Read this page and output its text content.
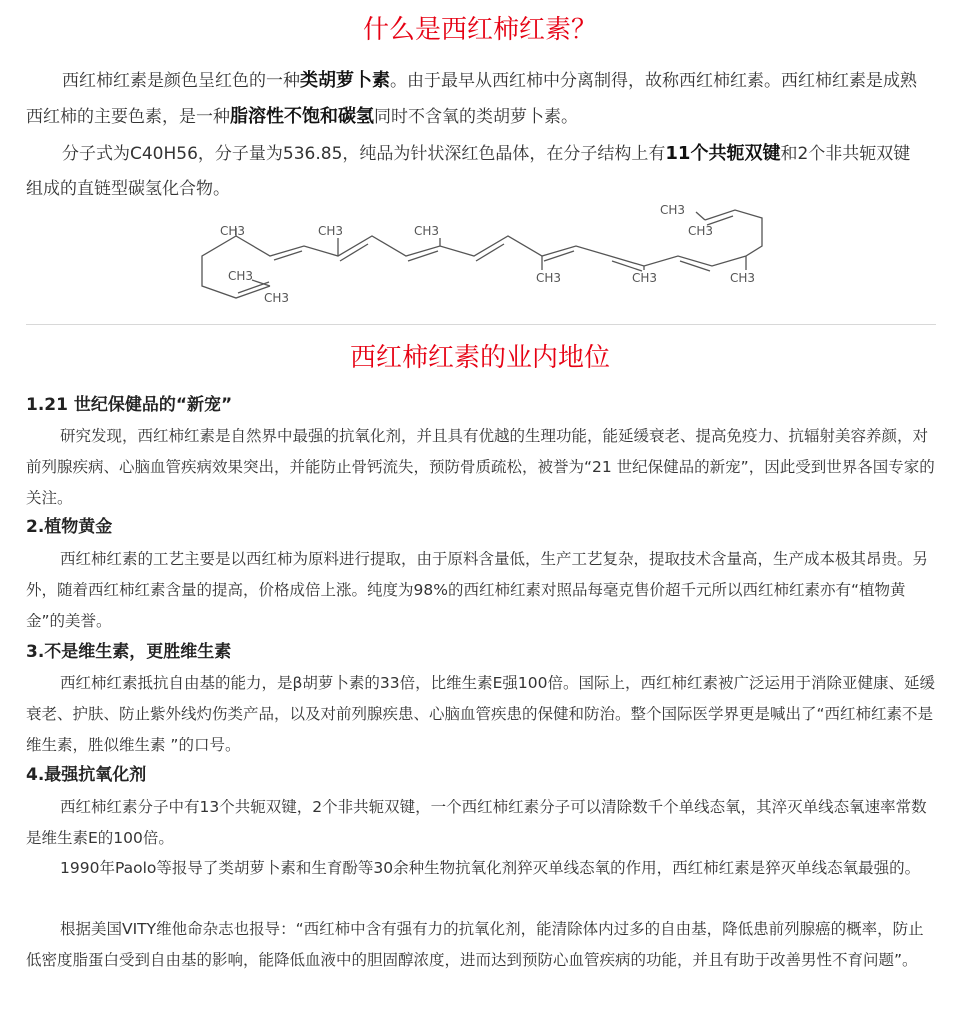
什么是西红柿红素？

西红柿红素是颜色呈红色的一种类胡萝卜素。由于最早从西红柿中分离制得，故称西红柿红素。西红柿红素是成熟西红柿的主要色素，是一种脂溶性不饱和碳氢同时不含氧的类胡萝卜素。

分子式为C40H56，分子量为536.85，纯品为针状深红色晶体，在分子结构上有11个共轭双键和2个非共轭双键组成的直链型碳氢化合物。

CH3
CH3
CH3
CH3	CH3
CH3	CH3	CH3
CH3
CH3
西红柿红素的业内地位
1.21 世纪保健品的“新宠”

研究发现，西红柿红素是自然界中最强的抗氧化剂，并且具有优越的生理功能，能延缓衰老、提高免疫力、抗辐射美容养颜，对前列腺疾病、心脑血管疾病效果突出，并能防止骨钙流失，预防骨质疏松，被誉为“21 世纪保健品的新宠”，因此受到世界各国专家的关注。

2.植物黄金

西红柿红素的工艺主要是以西红柿为原料进行提取，由于原料含量低，生产工艺复杂，提取技术含量高，生产成本极其昂贵。另外，随着西红柿红素含量的提高，价格成倍上涨。纯度为98%的西红柿红素对照品每毫克售价超千元所以西红柿红素亦有“植物黄金”的美誉。

3.不是维生素，更胜维生素

西红柿红素抵抗自由基的能力，是β胡萝卜素的33倍，比维生素E强100倍。国际上，西红柿红素被广泛运用于消除亚健康、延缓衰老、护肤、防止紫外线灼伤类产品，以及对前列腺疾患、心脑血管疾患的保健和防治。整个国际医学界更是喊出了“西红柿红素不是维生素，胜似维生素 ”的口号。

4.最强抗氧化剂

西红柿红素分子中有13个共轭双键，2个非共轭双键，一个西红柿红素分子可以清除数千个单线态氧，其淬灭单线态氧速率常数是维生素E的100倍。

1990年Paolo等报导了类胡萝卜素和生育酚等30余种生物抗氧化剂猝灭单线态氧的作用，西红柿红素是猝灭单线态氧最强的。

根据美国VITY维他命杂志也报导：“西红柿中含有强有力的抗氧化剂，能清除体内过多的自由基，降低患前列腺癌的概率，防止低密度脂蛋白受到自由基的影响，能降低血液中的胆固醇浓度，进而达到预防心血管疾病的功能，并且有助于改善男性不育问题”。
